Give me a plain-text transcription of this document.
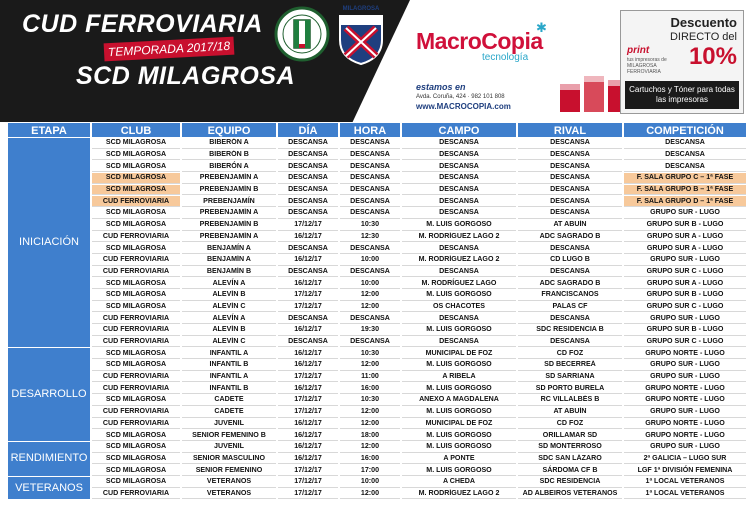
CUD FERROVIARIA
TEMPORADA 2017/18
SCD MILAGROSA
MILAGROSA
✱
MacroCopia
tecnología
estamos en
Avda. Coruña, 424 · 982 101 808
www.MACROCOPIA.com
Descuento
DIRECTO del
10%
print
tus impresoras de MILAGROSA FERROVIARIA
Cartuchos y Tóner para todas las impresoras
ETAPA	CLUB	EQUIPO	DÍA	HORA	CAMPO	RIVAL	COMPETICIÓN
INICIACIÓN	SCD MILAGROSA	BIBERÓN A	DESCANSA	DESCANSA	DESCANSA	DESCANSA	DESCANSA
	SCD MILAGROSA	BIBERÓN B	DESCANSA	DESCANSA	DESCANSA	DESCANSA	DESCANSA
	SCD MILAGROSA	BIBERÓN A	DESCANSA	DESCANSA	DESCANSA	DESCANSA	DESCANSA
	SCD MILAGROSA	PREBENJAMÍN A	DESCANSA	DESCANSA	DESCANSA	DESCANSA	F. SALA GRUPO C – 1ª FASE
	SCD MILAGROSA	PREBENJAMÍN B	DESCANSA	DESCANSA	DESCANSA	DESCANSA	F. SALA GRUPO B – 1ª FASE
	CUD FERROVIARIA	PREBENJAMÍN	DESCANSA	DESCANSA	DESCANSA	DESCANSA	F. SALA GRUPO D – 1ª FASE
	SCD MILAGROSA	PREBENJAMÍN A	DESCANSA	DESCANSA	DESCANSA	DESCANSA	GRUPO SUR - LUGO
	SCD MILAGROSA	PREBENJAMÍN B	17/12/17	10:30	M. LUIS GORGOSO	AT ABUÍN	GRUPO SUR B - LUGO
	CUD FERROVIARIA	PREBENJAMÍN A	16/12/17	12:30	M. RODRÍGUEZ LAGO 2	ADC SAGRADO B	GRUPO SUR A - LUGO
	SCD MILAGROSA	BENJAMÍN A	DESCANSA	DESCANSA	DESCANSA	DESCANSA	GRUPO SUR A - LUGO
	CUD FERROVIARIA	BENJAMÍN A	16/12/17	10:00	M. RODRÍGUEZ LAGO 2	CD LUGO B	GRUPO SUR - LUGO
	CUD FERROVIARIA	BENJAMÍN B	DESCANSA	DESCANSA	DESCANSA	DESCANSA	GRUPO SUR C - LUGO
	SCD MILAGROSA	ALEVÍN A	16/12/17	10:00	M. RODRÍGUEZ LAGO	ADC SAGRADO B	GRUPO SUR A - LUGO
	SCD MILAGROSA	ALEVÍN B	17/12/17	12:00	M. LUIS GORGOSO	FRANCISCANOS	GRUPO SUR B - LUGO
	SCD MILAGROSA	ALEVÍN C	17/12/17	12:00	OS CHACOTES	PALAS CF	GRUPO SUR C - LUGO
	CUD FERROVIARIA	ALEVÍN A	DESCANSA	DESCANSA	DESCANSA	DESCANSA	GRUPO SUR - LUGO
	CUD FERROVIARIA	ALEVÍN B	16/12/17	19:30	M. LUIS GORGOSO	SDC RESIDENCIA B	GRUPO SUR B - LUGO
	CUD FERROVIARIA	ALEVÍN C	DESCANSA	DESCANSA	DESCANSA	DESCANSA	GRUPO SUR C - LUGO
DESARROLLO	SCD MILAGROSA	INFANTIL A	16/12/17	10:30	MUNICIPAL DE FOZ	CD FOZ	GRUPO NORTE - LUGO
	SCD MILAGROSA	INFANTIL B	16/12/17	12:00	M. LUIS GORGOSO	SD BECERREÁ	GRUPO SUR - LUGO
	CUD FERROVIARIA	INFANTIL A	17/12/17	11:00	A RIBELA	SD SARRIANA	GRUPO SUR - LUGO
	CUD FERROVIARIA	INFANTIL B	16/12/17	16:00	M. LUIS GORGOSO	SD PORTO BURELA	GRUPO NORTE - LUGO
	SCD MILAGROSA	CADETE	17/12/17	10:30	ANEXO A MAGDALENA	RC VILLALBÉS B	GRUPO NORTE - LUGO
	CUD FERROVIARIA	CADETE	17/12/17	12:00	M. LUIS GORGOSO	AT ABUÍN	GRUPO SUR - LUGO
	CUD FERROVIARIA	JUVENIL	16/12/17	12:00	MUNICIPAL DE FOZ	CD FOZ	GRUPO NORTE - LUGO
	SCD MILAGROSA	SENIOR FEMENINO B	16/12/17	18:00	M. LUIS GORGOSO	ORILLAMAR SD	GRUPO NORTE - LUGO
RENDIMIENTO	SCD MILAGROSA	JUVENIL	16/12/17	12:00	M. LUIS GORGOSO	SD MONTERROSO	GRUPO SUR - LUGO
	SCD MILAGROSA	SENIOR MASCULINO	16/12/17	16:00	A PONTE	SDC SAN LÁZARO	2ª GALICIA – LUGO SUR
	SCD MILAGROSA	SENIOR FEMENINO	17/12/17	17:00	M. LUIS GORGOSO	SÁRDOMA CF B	LGF 1ª DIVISIÓN FEMENINA
VETERANOS	SCD MILAGROSA	VETERANOS	17/12/17	10:00	A CHEDA	SDC RESIDENCIA	1ª LOCAL VETERANOS
	CUD FERROVIARIA	VETERANOS	17/12/17	12:00	M. RODRÍGUEZ LAGO 2	AD ALBEIROS VETERANOS	1ª LOCAL VETERANOS
